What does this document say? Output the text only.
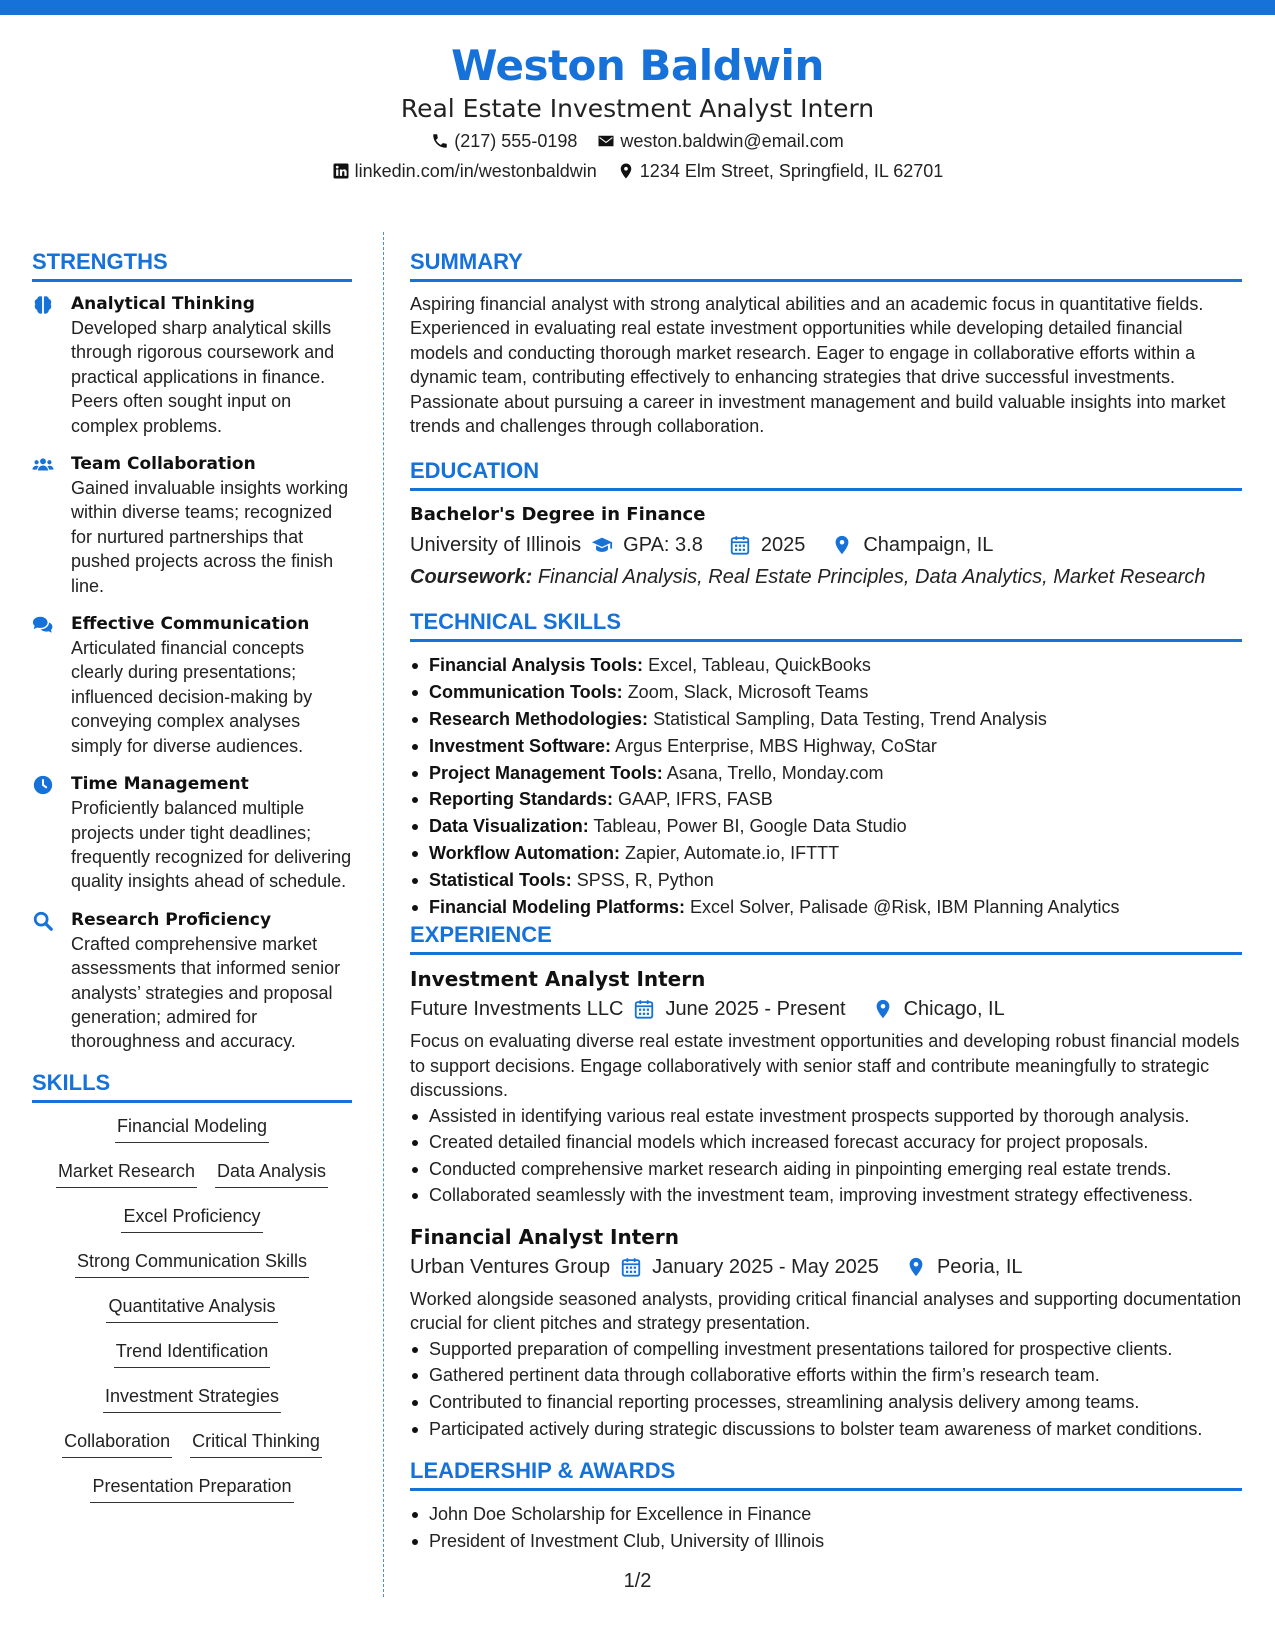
Weston Baldwin
Real Estate Investment Analyst Intern
(217) 555-0198 weston.baldwin@email.com
linkedin.com/in/westonbaldwin 1234 Elm Street, Springfield, IL 62701
STRENGTHS
Analytical Thinking
Developed sharp analytical skills through rigorous coursework and practical applications in finance. Peers often sought input on complex problems.
Team Collaboration
Gained invaluable insights working within diverse teams; recognized for nurtured partnerships that pushed projects across the finish line.
Effective Communication
Articulated financial concepts clearly during presentations; influenced decision-making by conveying complex analyses simply for diverse audiences.
Time Management
Proficiently balanced multiple projects under tight deadlines; frequently recognized for delivering quality insights ahead of schedule.
Research Proficiency
Crafted comprehensive market assessments that informed senior analysts’ strategies and proposal generation; admired for thoroughness and accuracy.
SKILLS
Financial Modeling
Market Research Data Analysis
Excel Proficiency
Strong Communication Skills
Quantitative Analysis
Trend Identification
Investment Strategies
Collaboration Critical Thinking
Presentation Preparation
SUMMARY
Aspiring financial analyst with strong analytical abilities and an academic focus in quantitative fields. Experienced in evaluating real estate investment opportunities while developing detailed financial models and conducting thorough market research. Eager to engage in collaborative efforts within a dynamic team, contributing effectively to enhancing strategies that drive successful investments. Passionate about pursuing a career in investment management and build valuable insights into market trends and challenges through collaboration.
EDUCATION
Bachelor's Degree in Finance
University of Illinois GPA: 3.8	2025	Champaign, IL
Coursework: Financial Analysis, Real Estate Principles, Data Analytics, Market Research
TECHNICAL SKILLS
Financial Analysis Tools: Excel, Tableau, QuickBooks
Communication Tools: Zoom, Slack, Microsoft Teams
Research Methodologies: Statistical Sampling, Data Testing, Trend Analysis
Investment Software: Argus Enterprise, MBS Highway, CoStar
Project Management Tools: Asana, Trello, Monday.com
Reporting Standards: GAAP, IFRS, FASB
Data Visualization: Tableau, Power BI, Google Data Studio
Workflow Automation: Zapier, Automate.io, IFTTT
Statistical Tools: SPSS, R, Python
Financial Modeling Platforms: Excel Solver, Palisade @Risk, IBM Planning Analytics
EXPERIENCE
Investment Analyst Intern
Future Investments LLC June 2025 - Present	Chicago, IL
Focus on evaluating diverse real estate investment opportunities and developing robust financial models to support decisions. Engage collaboratively with senior staff and contribute meaningfully to strategic discussions.
Assisted in identifying various real estate investment prospects supported by thorough analysis.
Created detailed financial models which increased forecast accuracy for project proposals.
Conducted comprehensive market research aiding in pinpointing emerging real estate trends.
Collaborated seamlessly with the investment team, improving investment strategy effectiveness.
Financial Analyst Intern
Urban Ventures Group January 2025 - May 2025	Peoria, IL
Worked alongside seasoned analysts, providing critical financial analyses and supporting documentation crucial for client pitches and strategy presentation.
Supported preparation of compelling investment presentations tailored for prospective clients.
Gathered pertinent data through collaborative efforts within the firm’s research team.
Contributed to financial reporting processes, streamlining analysis delivery among teams.
Participated actively during strategic discussions to bolster team awareness of market conditions.
LEADERSHIP & AWARDS
John Doe Scholarship for Excellence in Finance
President of Investment Club, University of Illinois
1/2
